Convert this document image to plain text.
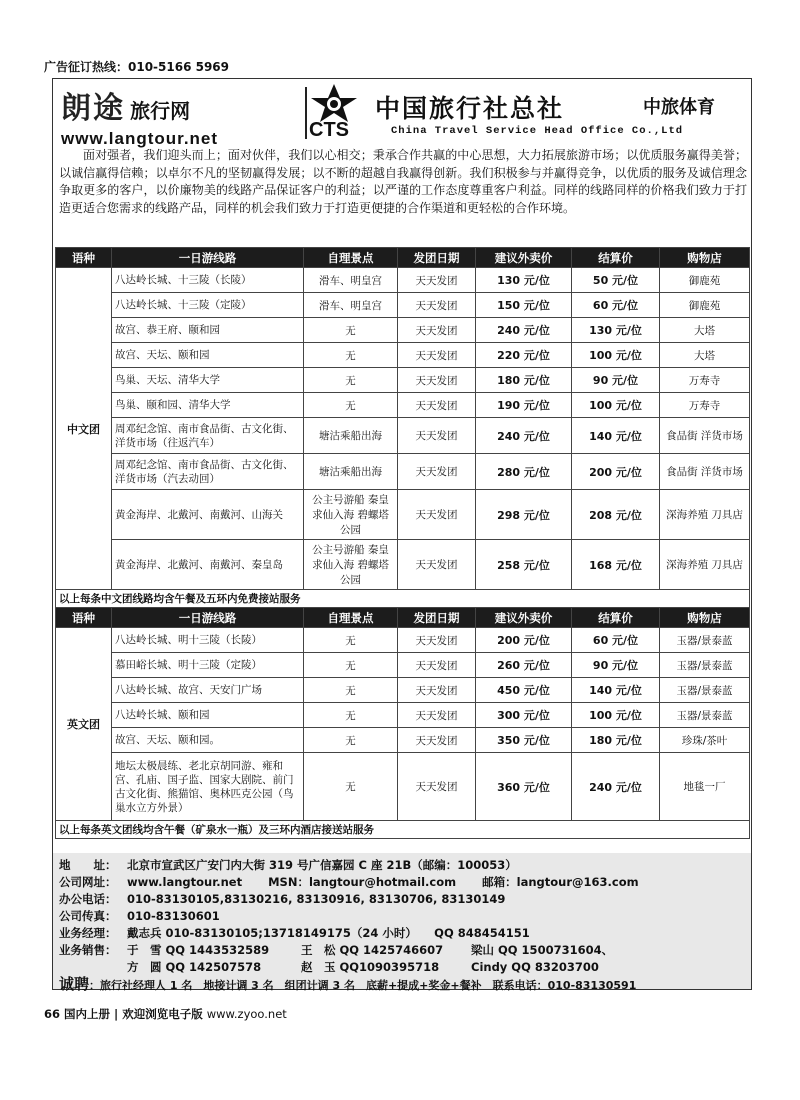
广告征订热线：010-5166 5969
朗途 旅行网
www.langtour.net	CTS
中国旅行社总社	中旅体育
China Travel Service Head Office Co.,Ltd

面对强者，我们迎头而上；面对伙伴，我们以心相交；秉承合作共赢的中心思想，大力拓展旅游市场；以优质服务赢得美誉；以诚信赢得信赖；以卓尔不凡的坚韧赢得发展；以不断的超越自我赢得创新。我们积极参与并赢得竞争，以优质的服务及诚信理念争取更多的客户，以价廉物美的线路产品保证客户的利益；以严谨的工作态度尊重客户利益。同样的线路同样的价格我们致力于打造更适合您需求的线路产品，同样的机会我们致力于打造更便捷的合作渠道和更轻松的合作环境。

语种	一日游线路	自理景点	发团日期	建议外卖价	结算价	购物店
中文团	八达岭长城、十三陵（长陵）	滑车、明皇宫	天天发团	130 元/位	50 元/位	御鹿苑
	八达岭长城、十三陵（定陵）	滑车、明皇宫	天天发团	150 元/位	60 元/位	御鹿苑
	故宫、恭王府、颐和园	无	天天发团	240 元/位	130 元/位	大塔
	故宫、天坛、颐和园	无	天天发团	220 元/位	100 元/位	大塔
	鸟巢、天坛、清华大学	无	天天发团	180 元/位	90 元/位	万寿寺
	鸟巢、颐和园、清华大学	无	天天发团	190 元/位	100 元/位	万寿寺
	周邓纪念馆、南市食品街、古文化街、洋货市场（往返汽车）	塘沽乘船出海	天天发团	240 元/位	140 元/位	食品街 洋货市场
	周邓纪念馆、南市食品街、古文化街、洋货市场（汽去动回）	塘沽乘船出海	天天发团	280 元/位	200 元/位	食品街 洋货市场
	黄金海岸、北戴河、南戴河、山海关	公主号游船 秦皇求仙入海 碧螺塔公园	天天发团	298 元/位	208 元/位	深海养殖 刀具店
	黄金海岸、北戴河、南戴河、秦皇岛	公主号游船 秦皇求仙入海 碧螺塔公园	天天发团	258 元/位	168 元/位	深海养殖 刀具店
以上每条中文团线路均含午餐及五环内免费接站服务						
语种	一日游线路	自理景点	发团日期	建议外卖价	结算价	购物店
英文团	八达岭长城、明十三陵（长陵）	无	天天发团	200 元/位	60 元/位	玉器/景泰蓝
	慕田峪长城、明十三陵（定陵）	无	天天发团	260 元/位	90 元/位	玉器/景泰蓝
	八达岭长城、故宫、天安门广场	无	天天发团	450 元/位	140 元/位	玉器/景泰蓝
	八达岭长城、颐和园	无	天天发团	300 元/位	100 元/位	玉器/景泰蓝
	故宫、天坛、颐和园。	无	天天发团	350 元/位	180 元/位	珍珠/茶叶
	地坛太极晨练、老北京胡同游、雍和宫、孔庙、国子监、国家大剧院、前门古文化街、熊猫馆、奥林匹克公园（鸟巢水立方外景）	无	天天发团	360 元/位	240 元/位	地毯一厂
以上每条英文团线均含午餐（矿泉水一瓶）及三环内酒店接送站服务						
地　　址： 北京市宣武区广安门内大街 319 号广信嘉园 C 座 21B（邮编：100053）
公司网址： www.langtour.net MSN：langtour@hotmail.com 邮箱：langtour@163.com
办公电话： 010-83130105,83130216, 83130916, 83130706, 83130149
公司传真： 010-83130601
业务经理： 戴志兵 010-83130105;13718149175（24 小时）　　QQ 848454151
业务销售： 于　雪 QQ 1443532589	王　松 QQ 1425746607 梁山 QQ 1500731604、
方　圆 QQ 142507578	赵　玉 QQ1090395718	Cindy QQ 83203700
诚聘：旅行社经理人 1 名　地接计调 3 名　组团计调 3 名　底薪+提成+奖金+餐补　联系电话：010-83130591
66 国内上册 | 欢迎浏览电子版 www.zyoo.net
